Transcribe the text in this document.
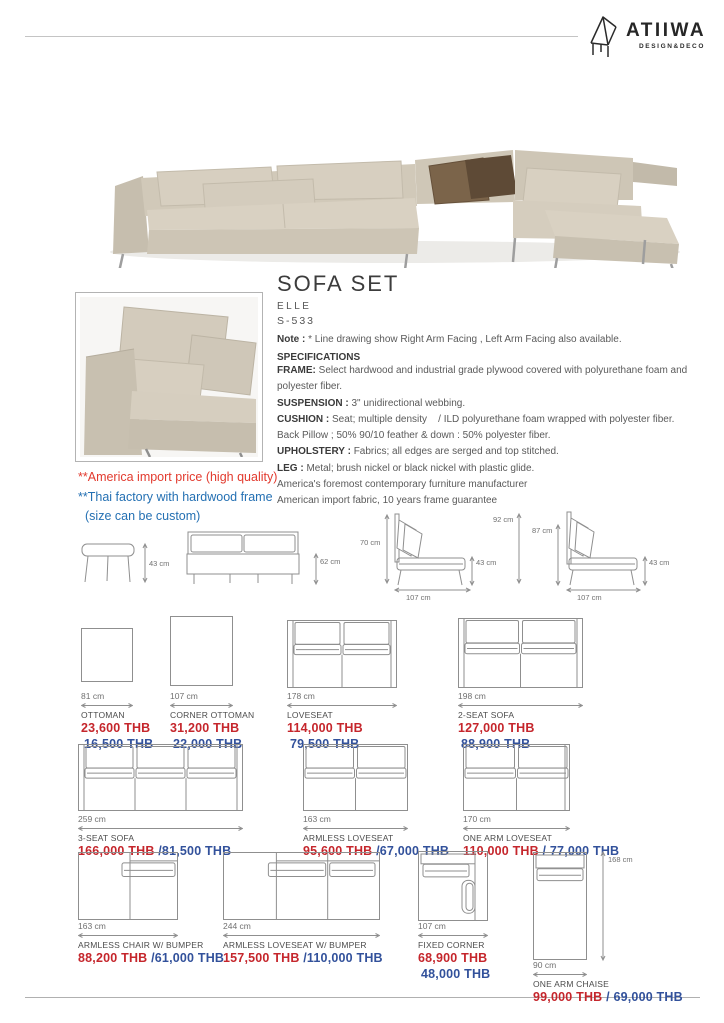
ATIIWA
DESIGN&DECO
**America import price (high quality)
**Thai factory with hardwood frame
(size can be custom)
SOFA SET
ELLE
S-533
Note : * Line drawing show Right Arm Facing , Left Arm Facing also available.
SPECIFICATIONS
FRAME: Select hardwood and industrial grade plywood covered with polyurethane foam and polyester fiber.
SUSPENSION : 3" unidirectional webbing.
CUSHION : Seat; multiple density    / ILD polyurethane foam wrapped with polyester fiber.
Back Pillow ; 50% 90/10 feather & down : 50% polyester fiber.
UPHOLSTERY : Fabrics; all edges are serged and top stitched.
LEG : Metal; brush nickel or black nickel with plastic glide.
America's foremost contemporary furniture manufacturer
American import fabric, 10 years frame guarantee
43 cm	62 cm
70 cm
43 cm
107 cm
92 cm
87 cm
43 cm
107 cm
81 cm
OTTOMAN
23,600 THB
16,500 THB
107 cm
CORNER OTTOMAN
31,200 THB
22,000 THB
178 cm
LOVESEAT
114,000 THB
79,500 THB
198 cm
2-SEAT SOFA
127,000 THB
88,900 THB
259 cm
3-SEAT SOFA
166,000 THB /81,500 THB
163 cm
ARMLESS LOVESEAT
95,600 THB /67,000 THB
170 cm
ONE ARM LOVESEAT
110,000 THB / 77,000 THB
163 cm
ARMLESS CHAIR W/ BUMPER
88,200 THB /61,000 THB
244 cm
ARMLESS LOVESEAT W/ BUMPER
157,500 THB /110,000 THB
107 cm
FIXED CORNER
68,900 THB
48,000 THB
90 cm
ONE ARM CHAISE
99,000 THB / 69,000 THB
168 cm
